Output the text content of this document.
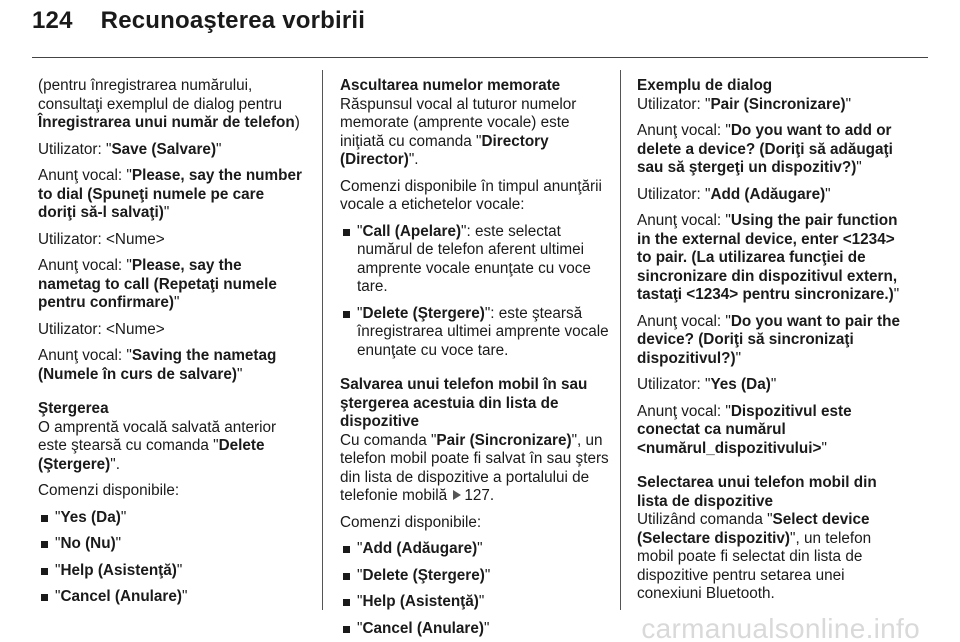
124 Recunoaşterea vorbirii

(pentru înregistrarea numărului, consultaţi exemplul de dialog pentru Înregistrarea unui număr de telefon)

Utilizator: "Save (Salvare)"

Anunţ vocal: "Please, say the number to dial (Spuneţi numele pe care doriţi să-l salvaţi)"

Utilizator: <Nume>

Anunţ vocal: "Please, say the nametag to call (Repetaţi numele pentru confirmare)"

Utilizator: <Nume>

Anunţ vocal: "Saving the nametag (Numele în curs de salvare)"

Ştergerea

O amprentă vocală salvată anterior este ştearsă cu comanda "Delete (Ştergere)".

Comenzi disponibile:

"Yes (Da)"
"No (Nu)"
"Help (Asistenţă)"
"Cancel (Anulare)"
Ascultarea numelor memorate

Răspunsul vocal al tuturor numelor memorate (amprente vocale) este iniţiată cu comanda "Directory (Director)".

Comenzi disponibile în timpul anunţării vocale a etichetelor vocale:

"Call (Apelare)": este selectat numărul de telefon aferent ultimei amprente vocale enunţate cu voce tare.
"Delete (Ştergere)": este ştearsă înregistrarea ultimei amprente vocale enunţate cu voce tare.
Salvarea unui telefon mobil în sau ştergerea acestuia din lista de dispozitive

Cu comanda "Pair (Sincronizare)", un telefon mobil poate fi salvat în sau şters din lista de dispozitive a portalului de telefonie mobilă 127.

Comenzi disponibile:

"Add (Adăugare)"
"Delete (Ştergere)"
"Help (Asistenţă)"
"Cancel (Anulare)"
Exemplu de dialog

Utilizator: "Pair (Sincronizare)"

Anunţ vocal: "Do you want to add or delete a device? (Doriţi să adăugaţi sau să ştergeţi un dispozitiv?)"

Utilizator: "Add (Adăugare)"

Anunţ vocal: "Using the pair function in the external device, enter <1234> to pair. (La utilizarea funcţiei de sincronizare din dispozitivul extern, tastaţi <1234> pentru sincronizare.)"

Anunţ vocal: "Do you want to pair the device? (Doriţi să sincronizaţi dispozitivul?)"

Utilizator: "Yes (Da)"

Anunţ vocal: "Dispozitivul este conectat ca numărul <numărul_dispozitivului>"

Selectarea unui telefon mobil din lista de dispozitive

Utilizând comanda "Select device (Selectare dispozitiv)", un telefon mobil poate fi selectat din lista de dispozitive pentru setarea unei conexiuni Bluetooth.

carmanualsonline.info
